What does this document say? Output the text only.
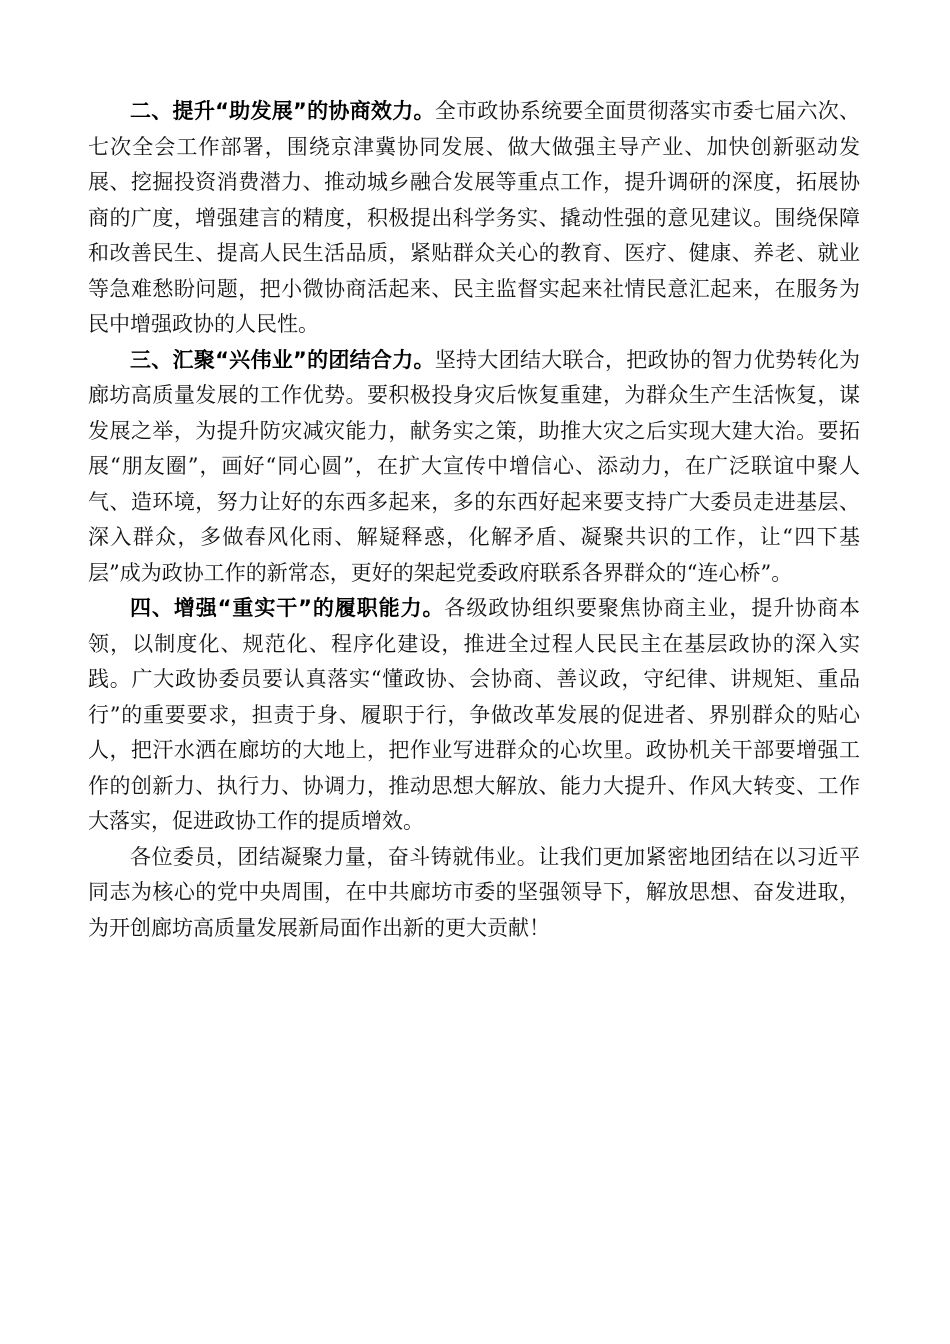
二、提升“助发展”的协商效力。全市政协系统要全面贯彻落实市委七届六次、七次全会工作部署，围绕京津冀协同发展、做大做强主导产业、加快创新驱动发展、挖掘投资消费潜力、推动城乡融合发展等重点工作，提升调研的深度，拓展协商的广度，增强建言的精度，积极提出科学务实、撬动性强的意见建议。围绕保障和改善民生、提高人民生活品质，紧贴群众关心的教育、医疗、健康、养老、就业等急难愁盼问题，把小微协商活起来、民主监督实起来社情民意汇起来，在服务为民中增强政协的人民性。

三、汇聚“兴伟业”的团结合力。坚持大团结大联合，把政协的智力优势转化为廊坊高质量发展的工作优势。要积极投身灾后恢复重建，为群众生产生活恢复，谋发展之举，为提升防灾减灾能力，献务实之策，助推大灾之后实现大建大治。要拓展“朋友圈”，画好“同心圆”，在扩大宣传中增信心、添动力，在广泛联谊中聚人气、造环境，努力让好的东西多起来，多的东西好起来要支持广大委员走进基层、深入群众，多做春风化雨、解疑释惑，化解矛盾、凝聚共识的工作，让“四下基层”成为政协工作的新常态，更好的架起党委政府联系各界群众的“连心桥”。

四、增强“重实干”的履职能力。各级政协组织要聚焦协商主业，提升协商本领，以制度化、规范化、程序化建设，推进全过程人民民主在基层政协的深入实践。广大政协委员要认真落实“懂政协、会协商、善议政，守纪律、讲规矩、重品行”的重要要求，担责于身、履职于行，争做改革发展的促进者、界别群众的贴心人，把汗水洒在廊坊的大地上，把作业写进群众的心坎里。政协机关干部要增强工作的创新力、执行力、协调力，推动思想大解放、能力大提升、作风大转变、工作大落实，促进政协工作的提质增效。

各位委员，团结凝聚力量，奋斗铸就伟业。让我们更加紧密地团结在以习近平同志为核心的党中央周围，在中共廊坊市委的坚强领导下，解放思想、奋发进取，为开创廊坊高质量发展新局面作出新的更大贡献！
